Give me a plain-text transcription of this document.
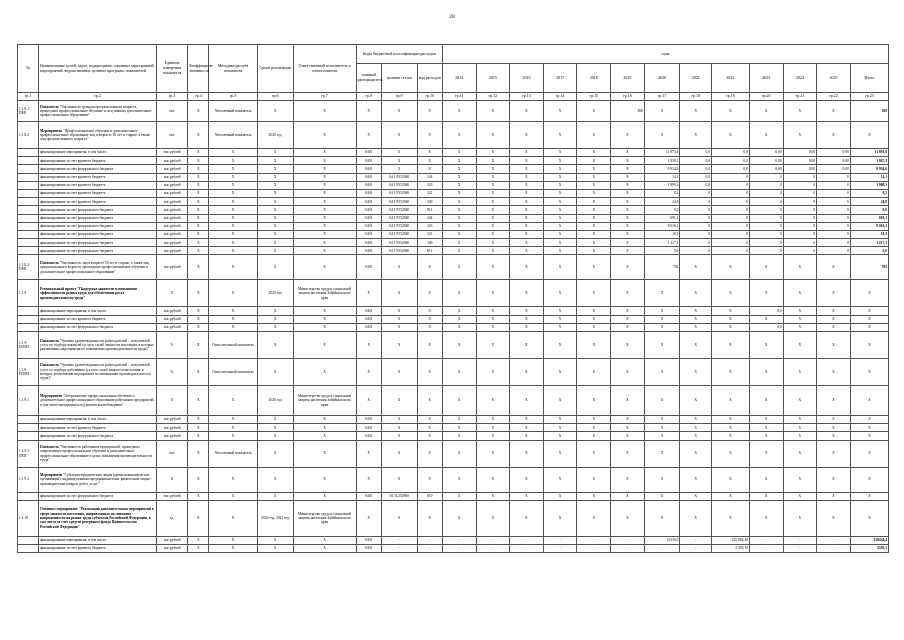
28
№	Наименование целей, задач, подпрограмм, основных мероприятий, мероприятий, ведомственных целевых программ, показателей	Единица измерения показателя	Коэффициент значимости	Методика расчета показателя	Сроки реализации	Ответственный исполнитель и соисполнители	Коды бюджетной классификации расходов			годы												
							главный распорядитель	целевая статья	вид расходов	2014	2015	2016	2017	2018	2019	2020	2021	2022	2023	2024	2025	Итого
гр.1	гр.2	гр.3	гр.4	гр.5	гр.6	гр.7	гр.8	гр.9	гр.10	гр.11	гр.12	гр.13	гр.14	гр.15	гр.16	гр.17	гр.18	гр.19	гр.20	гр.21	гр.22	гр.23
1.1.8.1-ПМ1	Показатель "Численность граждан предпенсионного возраста, прошедших профессиональное обучение и получивших дополнительное профессиональное образование"	чел.	X	Абсолютный показатель	X	X	X	X	X	X	X	X	X	X	368	X	X	X	X	X	X	368
1.1.8.2	Мероприятие "Профессиональное обучение и дополнительное профессиональное образование лиц в возрасте 50 лет и старше, а также лиц предпенсионного возраста"	чел.	X	Абсолютный показатель	2020 год	X	X	X	X	X	X	X	X	X	X	X	X	X	X	X	X	X
	финансирование мероприятия, в том числе:	тыс.рублей	X	X	X	X	0401	X	X	X	X	X	X	X	X	11 873,8	0,0	0,0	0,00	0,00	0,00	11 891,8
	финансирование за счет краевого бюджета	тыс.рублей	X	X	X	X	0401	X	X	X	X	X	X	X	X	1 938,1	0,0	0,0	0,00	0,00	0,00	1 947,2
	финансирование за счет федерального бюджета	тыс.рублей	X	X	X	X	0401	X	X	X	X	X	X	X	X	9 934,6	0,0	0,0	0,00	0,00	0,00	9 934,6
	финансирование за счет краевого бюджета	тыс.рублей	X	X	X	X	0401	04 1 P352940	244	X	X	X	X	X	X	14,1	0,0	0	0	0	0	14,1
	финансирование за счет краевого бюджета	тыс.рублей	X	X	X	X	0401	04 1 P352940	323	X	X	X	X	X	X	1 899,3	0,0	0	0	0	0	1 908,1
	финансирование за счет краевого бюджета	тыс.рублей	X	X	X	X	0401	04 1 P352940	321	X	X	X	X	X	X	0,2	0	0	0	0	0	0,2
	финансирование за счет краевого бюджета	тыс.рублей	X	X	X	X	0401	04 1 P352940	340	X	X	X	X	X	X	24,8	0	0	0	0	0	24,8
	финансирование за счет федерального бюджета	тыс.рублей	X	X	X	X	0401	04 1 P352940	811	X	X	X	X	X	X	0,0	0	0	0	0	0	0,0
	финансирование за счет федерального бюджета	тыс.рублей	X	X	X	X	0401	04 1 P352940	244	X	X	X	X	X	X	691,1	0	0	0	0	0	691,1
	финансирование за счет федерального бюджета	тыс.рублей	X	X	X	X	0401	04 1 P352940	323	X	X	X	X	X	X	8 016,1	0	0	0	0	0	8 016,1
	финансирование за счет федерального бюджета	тыс.рублей	X	X	X	X	0401	04 1 P352940	321	X	X	X	X	X	X	10,3	0	0	0	0	0	10,3
	финансирование за счет федерального бюджета	тыс.рублей	X	X	X	X	0401	04 1 P352940	340	X	X	X	X	X	X	1 217,1	0	0	0	0	0	1 217,1
	финансирование за счет федерального бюджета	тыс.рублей	X	X	X	X	0401	04 1 P352940	811	X	X	X	X	X	X	0,0	0	0	0	0	0	0,0
1.1.8.2-ПМ1	Показатель "Численность лиц в возрасте 50 лет и старше, а также лиц предпенсионного возраста, прошедших профессиональное обучение и дополнительное профессиональное образование"	тыс.рублей	X	X	X	X	0401	X	X	X	X	X	X	X	X	702	X	X	X	X	X	702
1.1.9	Региональный проект "Поддержка занятости и повышение эффективности рынка труда для обеспечения роста производительности труда"	X	X	X	2020 год	Министерство труда и социальной защиты населения Забайкальского края	X	X	X	X	X	X	X	X	X	X	X	X	X	X	X	X
	финансирование мероприятия, в том числе:	тыс.рублей	X	X	X	X	0401	X	X	X	X	X	X	X	X	X	X	X	0,0	X	X	X
	финансирование за счет краевого бюджета	тыс.рублей	X	X	X	X	0401	X	X	X	X	X	X	X	X	X	X	X	X	X	X	X
	финансирование за счет федерального бюджета	тыс.рублей	X	X	X	X	0401	X	X	X	X	X	X	X	X	X	X	X	0,0	X	X	X
1.1.9-ПОМ1	Показатель "Уровень удовлетворенности работодателей – получателей услуг по подбору вакансий (услуги служб занятости населения, в которых реализованы мероприятия по повышению производительности труда)"	%	X	Относительный показатель	X	X	X	X	X	X	X	X	X	X	X	X	X	X	X	X	X	X
1.1.9-ПОМ2	Показатель "Уровень удовлетворенности работодателей – получателей услуг по подбору работников (услуги служб занятости населения, в которых реализованы мероприятия по повышению производительности труда)"	%	X	Относительный показатель	X	X	X	X	X	X	X	X	X	X	X	X	X	X	X	X	X	X
1.1.9.1	Мероприятие "Опережающее профессиональное обучение и дополнительное профессиональное образование работников предприятий, в том числе находящихся под риском высвобождения"	X	X	X	2020 год	Министерство труда и социальной защиты населения Забайкальского края	X	X	X	X	X	X	X	X	X	X	X	X	X	X	X	X
	финансирование мероприятия, в том числе:	тыс.рублей	X	X	X	X	0401	X	X	X	X	X	X	X	X	X	X	X	X	X	X	X
	финансирование за счет краевого бюджета	тыс.рублей	X	X	X	X	0401	X	X	X	X	X	X	X	X	X	X	X	X	X	X	X
	финансирование за счет федерального бюджета	тыс.рублей	X	X	X	X	0401	X	X	X	X	X	X	X	X	X	X	X	X	X	X	X
1.1.9.1-ПМ1	Показатель "Численность работников предприятий, прошедших опережающее профессиональное обучение и дополнительное профессиональное образование в целях повышения производительности труда"	чел.	X	Абсолютный показатель	X	X	X	X	X	X	X	X	X	X	X	X	X	X	X	X	X	X
1.1.9.2	Мероприятие "Субсидии юридическим лицам (кроме некоммерческих организаций), индивидуальным предпринимателям, физическим лицам - производителям товаров, работ, услуг"	X	X	X	X	X	X	X	X	X	X	X	X	X	X	X	X	X	X	X	X	X
	финансирование за счет федерального бюджета	тыс.рублей	X	X	X	X	0401	04 1L252960	810	X	X	X	X	X	X	X	X	X	X	X	X	X
1.1.10	Основное мероприятие "Реализация дополнительных мероприятий в сфере занятости населения, направленных на снижение напряженности на рынке труда субъектов Российской Федерации, в том числе за счет средств резервного фонда Правительства Российской Федерации"	ед.	X	X	2020 год, 2021 год	Министерство труда и социальной защиты населения Забайкальского края	X	X	X	X	X	X	X	X	X	X	X	X	X	X	X	X
	финансирование мероприятия, в том числе:	тыс.рублей	X	X	X	X	0401	-	-	-	-	-	-	-	-	23130,0	-	235 804,40	-	-	-	258434,4
	финансирование за счет краевого бюджета	тыс.рублей	X	X	X	X	0401	-	-	-	-	-	-	-	-	-	-	2 359,10	-	-	-	2359,1
